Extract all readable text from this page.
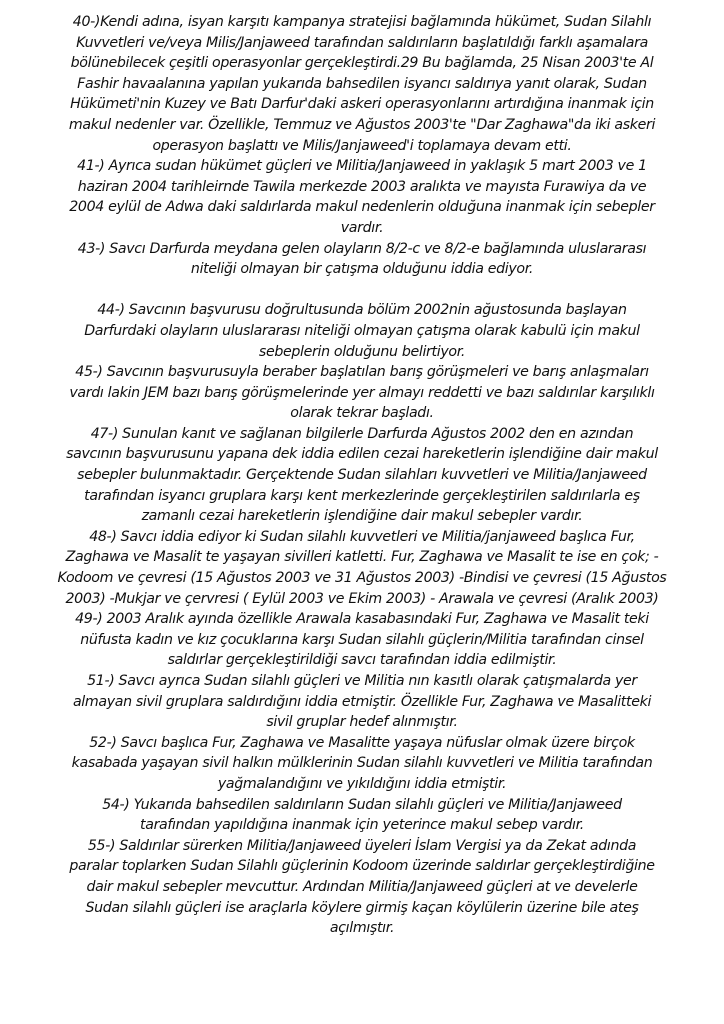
40-)Kendi adına, isyan karşıtı kampanya stratejisi bağlamında hükümet, Sudan Silahlı
Kuvvetleri ve/veya Milis/Janjaweed tarafından saldırıların başlatıldığı farklı aşamalara
bölünebilecek çeşitli operasyonlar gerçekleştirdi.29 Bu bağlamda, 25 Nisan 2003'te Al
Fashir havaalanına yapılan yukarıda bahsedilen isyancı saldırıya yanıt olarak, Sudan
Hükümeti'nin Kuzey ve Batı Darfur'daki askeri operasyonlarını artırdığına inanmak için
makul nedenler var. Özellikle, Temmuz ve Ağustos 2003'te "Dar Zaghawa"da iki askeri
operasyon başlattı ve Milis/Janjaweed'i toplamaya devam etti.
41-) Ayrıca sudan hükümet güçleri ve Militia/Janjaweed in yaklaşık 5 mart 2003 ve 1
haziran 2004 tarihleirnde Tawila merkezde 2003 aralıkta ve mayısta Furawiya da ve
2004 eylül de Adwa daki saldırlarda makul nedenlerin olduğuna inanmak için sebepler
vardır.
43-) Savcı Darfurda meydana gelen olayların 8/2-c ve 8/2-e bağlamında uluslararası
niteliği olmayan bir çatışma olduğunu iddia ediyor.
44-) Savcının başvurusu doğrultusunda bölüm 2002nin ağustosunda başlayan
Darfurdaki olayların uluslararası niteliği olmayan çatışma olarak kabulü için makul
sebeplerin olduğunu belirtiyor.
45-) Savcının başvurusuyla beraber başlatılan barış görüşmeleri ve barış anlaşmaları
vardı lakin JEM bazı barış görüşmelerinde yer almayı reddetti ve bazı saldırılar karşılıklı
olarak tekrar başladı.
47-) Sunulan kanıt ve sağlanan bilgilerle Darfurda Ağustos 2002 den en azından
savcının başvurusunu yapana dek iddia edilen cezai hareketlerin işlendiğine dair makul
sebepler bulunmaktadır. Gerçektende Sudan silahları kuvvetleri ve Militia/Janjaweed
tarafından isyancı gruplara karşı kent merkezlerinde gerçekleştirilen saldırılarla eş
zamanlı cezai hareketlerin işlendiğine dair makul sebepler vardır.
48-) Savcı iddia ediyor ki Sudan silahlı kuvvetleri ve Militia/janjaweed başlıca Fur,
Zaghawa ve Masalit te yaşayan sivilleri katletti. Fur, Zaghawa ve Masalit te ise en çok; -
Kodoom ve çevresi (15 Ağustos 2003 ve 31 Ağustos 2003) -Bindisi ve çevresi (15 Ağustos
2003) -Mukjar ve çervresi ( Eylül 2003 ve Ekim 2003) - Arawala ve çevresi (Aralık 2003)
49-) 2003 Aralık ayında özellikle Arawala kasabasındaki Fur, Zaghawa ve Masalit teki
nüfusta kadın ve kız çocuklarına karşı Sudan silahlı güçlerin/Militia tarafından cinsel
saldırlar gerçekleştirildiği savcı tarafından iddia edilmiştir.
51-) Savcı ayrıca Sudan silahlı güçleri ve Militia nın kasıtlı olarak çatışmalarda yer
almayan sivil gruplara saldırdığını iddia etmiştir. Özellikle Fur, Zaghawa ve Masalitteki
sivil gruplar hedef alınmıştır.
52-) Savcı başlıca Fur, Zaghawa ve Masalitte yaşaya nüfuslar olmak üzere birçok
kasabada yaşayan sivil halkın mülklerinin Sudan silahlı kuvvetleri ve Militia tarafından
yağmalandığını ve yıkıldığını iddia etmiştir.
54-) Yukarıda bahsedilen saldırıların Sudan silahlı güçleri ve Militia/Janjaweed
tarafından yapıldığına inanmak için yeterince makul sebep vardır.
55-) Saldırılar sürerken Militia/Janjaweed üyeleri İslam Vergisi ya da Zekat adında
paralar toplarken Sudan Silahlı güçlerinin Kodoom üzerinde saldırlar gerçekleştirdiğine
dair makul sebepler mevcuttur. Ardından Militia/Janjaweed güçleri at ve develerle
Sudan silahlı güçleri ise araçlarla köylere girmiş kaçan köylülerin üzerine bile ateş
açılmıştır.
